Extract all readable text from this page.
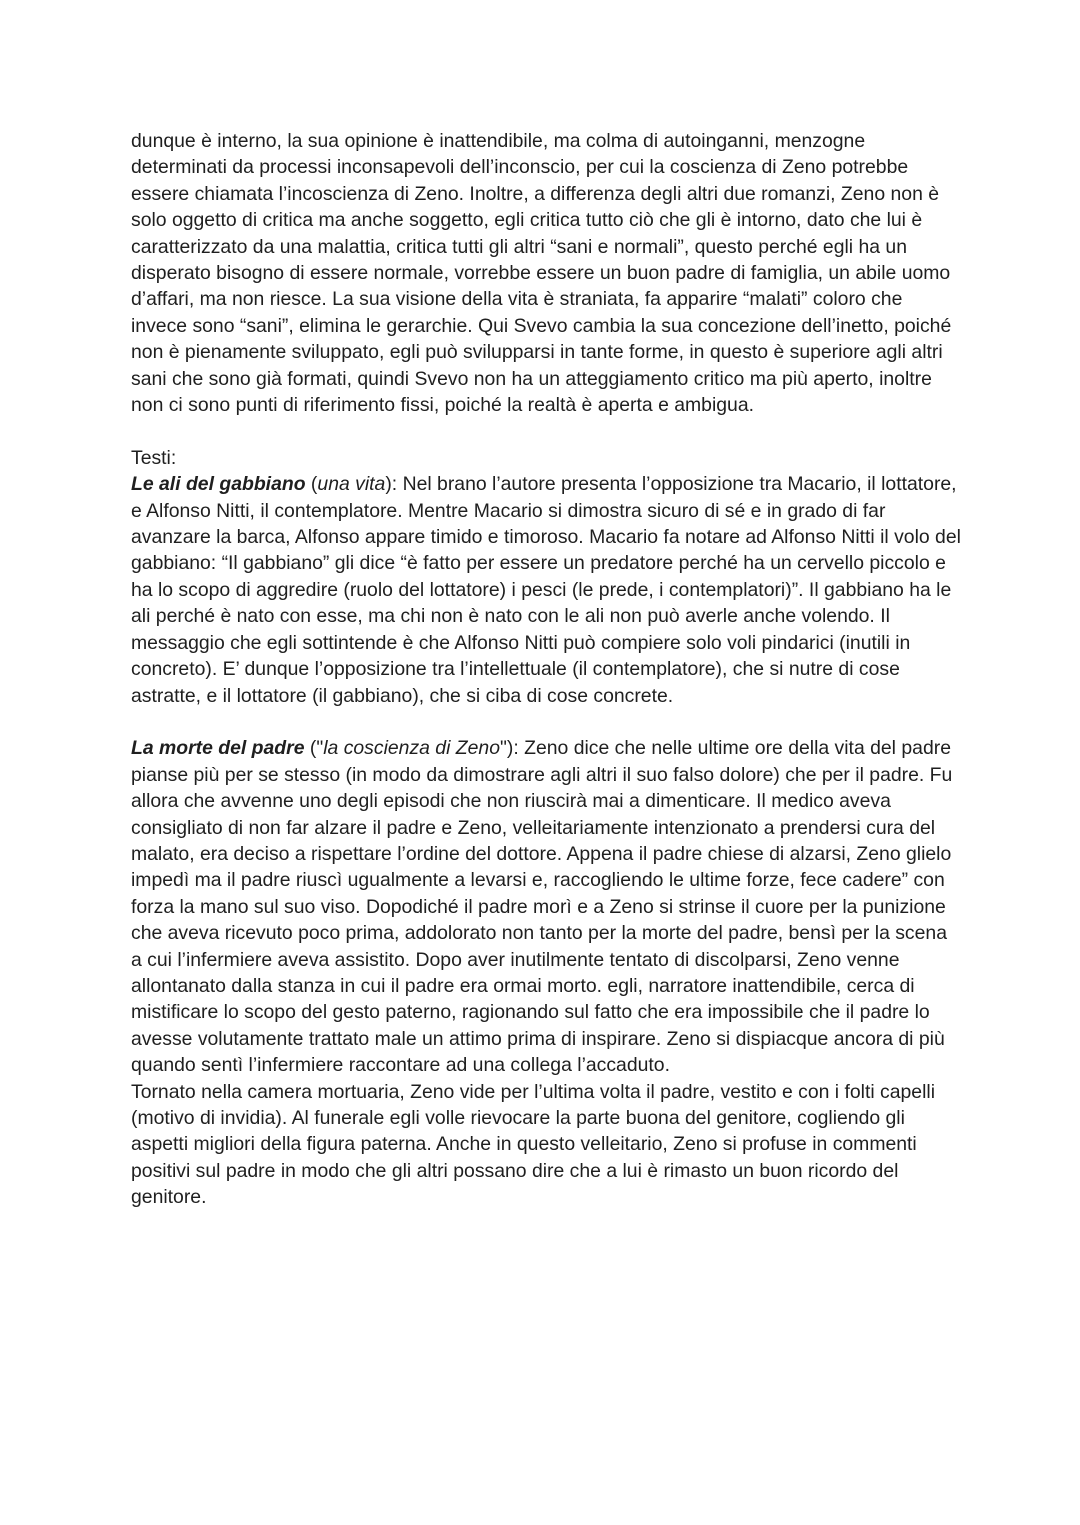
dunque è interno, la sua opinione è inattendibile, ma colma di autoinganni, menzogne determinati da processi inconsapevoli dell’inconscio, per cui la coscienza di Zeno potrebbe essere chiamata l’incoscienza di Zeno. Inoltre, a differenza degli altri due romanzi, Zeno non è solo oggetto di critica ma anche soggetto, egli critica tutto ciò che gli è intorno, dato che lui è caratterizzato da una malattia, critica tutti gli altri “sani e normali”, questo perché egli ha un disperato bisogno di essere normale, vorrebbe essere un buon padre di famiglia, un abile uomo d’affari, ma non riesce. La sua visione della vita è straniata, fa apparire “malati” coloro che invece sono “sani”, elimina le gerarchie. Qui Svevo cambia la sua concezione dell’inetto, poiché non è pienamente sviluppato, egli può svilupparsi in tante forme, in questo è superiore agli altri sani che sono già formati, quindi Svevo non ha un atteggiamento critico ma più aperto, inoltre non ci sono punti di riferimento fissi, poiché la realtà è aperta e ambigua.

Testi:

Le ali del gabbiano (una vita): Nel brano l’autore presenta l’opposizione tra Macario, il lottatore, e Alfonso Nitti, il contemplatore. Mentre Macario si dimostra sicuro di sé e in grado di far avanzare la barca, Alfonso appare timido e timoroso. Macario fa notare ad Alfonso Nitti il volo del gabbiano: “Il gabbiano” gli dice “è fatto per essere un predatore perché ha un cervello piccolo e ha lo scopo di aggredire (ruolo del lottatore) i pesci (le prede, i contemplatori)”. Il gabbiano ha le ali perché è nato con esse, ma chi non è nato con le ali non può averle anche volendo. Il messaggio che egli sottintende è che Alfonso Nitti può compiere solo voli pindarici (inutili in concreto). E’ dunque l’opposizione tra l’intellettuale (il contemplatore), che si nutre di cose astratte, e il lottatore (il gabbiano), che si ciba di cose concrete.

La morte del padre ("la coscienza di Zeno"): Zeno dice che nelle ultime ore della vita del padre pianse più per se stesso (in modo da dimostrare agli altri il suo falso dolore) che per il padre. Fu allora che avvenne uno degli episodi che non riuscirà mai a dimenticare. Il medico aveva consigliato di non far alzare il padre e Zeno, velleitariamente intenzionato a prendersi cura del malato, era deciso a rispettare l’ordine del dottore. Appena il padre chiese di alzarsi, Zeno glielo impedì ma il padre riuscì ugualmente a levarsi e, raccogliendo le ultime forze, fece cadere” con forza la mano sul suo viso. Dopodiché il padre morì e a Zeno si strinse il cuore per la punizione che aveva ricevuto poco prima, addolorato non tanto per la morte del padre, bensì per la scena a cui l’infermiere aveva assistito. Dopo aver inutilmente tentato di discolparsi, Zeno venne allontanato dalla stanza in cui il padre era ormai morto. egli, narratore inattendibile, cerca di mistificare lo scopo del gesto paterno, ragionando sul fatto che era impossibile che il padre lo avesse volutamente trattato male un attimo prima di inspirare. Zeno si dispiacque ancora di più quando sentì l’infermiere raccontare ad una collega l’accaduto.

Tornato nella camera mortuaria, Zeno vide per l’ultima volta il padre, vestito e con i folti capelli (motivo di invidia). Al funerale egli volle rievocare la parte buona del genitore, cogliendo gli aspetti migliori della figura paterna. Anche in questo velleitario, Zeno si profuse in commenti positivi sul padre in modo che gli altri possano dire che a lui è rimasto un buon ricordo del genitore.
